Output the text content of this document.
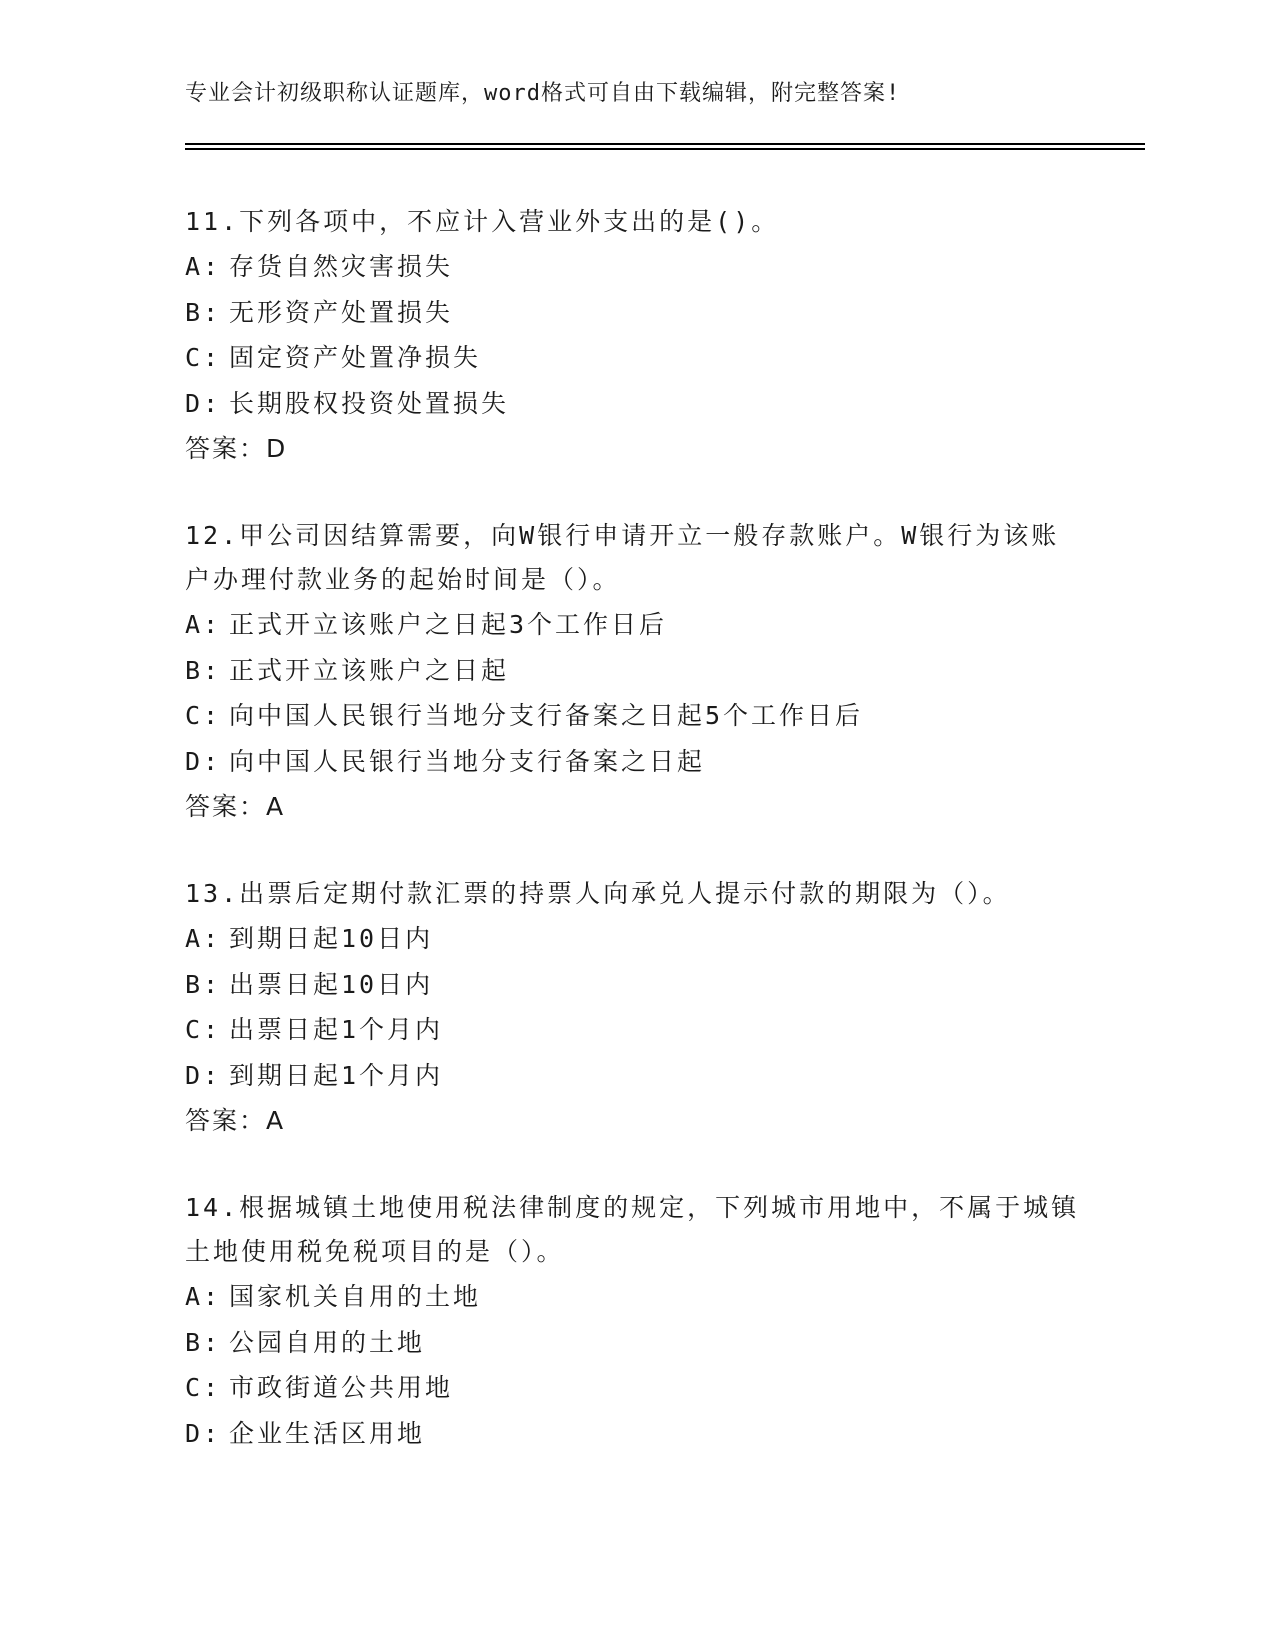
专业会计初级职称认证题库，word格式可自由下载编辑，附完整答案!

11.下列各项中，不应计入营业外支出的是()。

A: 存货自然灾害损失

B: 无形资产处置损失

C: 固定资产处置净损失

D: 长期股权投资处置损失

答案：D

12.甲公司因结算需要，向W银行申请开立一般存款账户。W银行为该账户办理付款业务的起始时间是（）。

A: 正式开立该账户之日起3个工作日后

B: 正式开立该账户之日起

C: 向中国人民银行当地分支行备案之日起5个工作日后

D: 向中国人民银行当地分支行备案之日起

答案：A

13.出票后定期付款汇票的持票人向承兑人提示付款的期限为（）。

A: 到期日起10日内

B: 出票日起10日内

C: 出票日起1个月内

D: 到期日起1个月内

答案：A

14.根据城镇土地使用税法律制度的规定，下列城市用地中，不属于城镇土地使用税免税项目的是（）。

A: 国家机关自用的土地

B: 公园自用的土地

C: 市政街道公共用地

D: 企业生活区用地
